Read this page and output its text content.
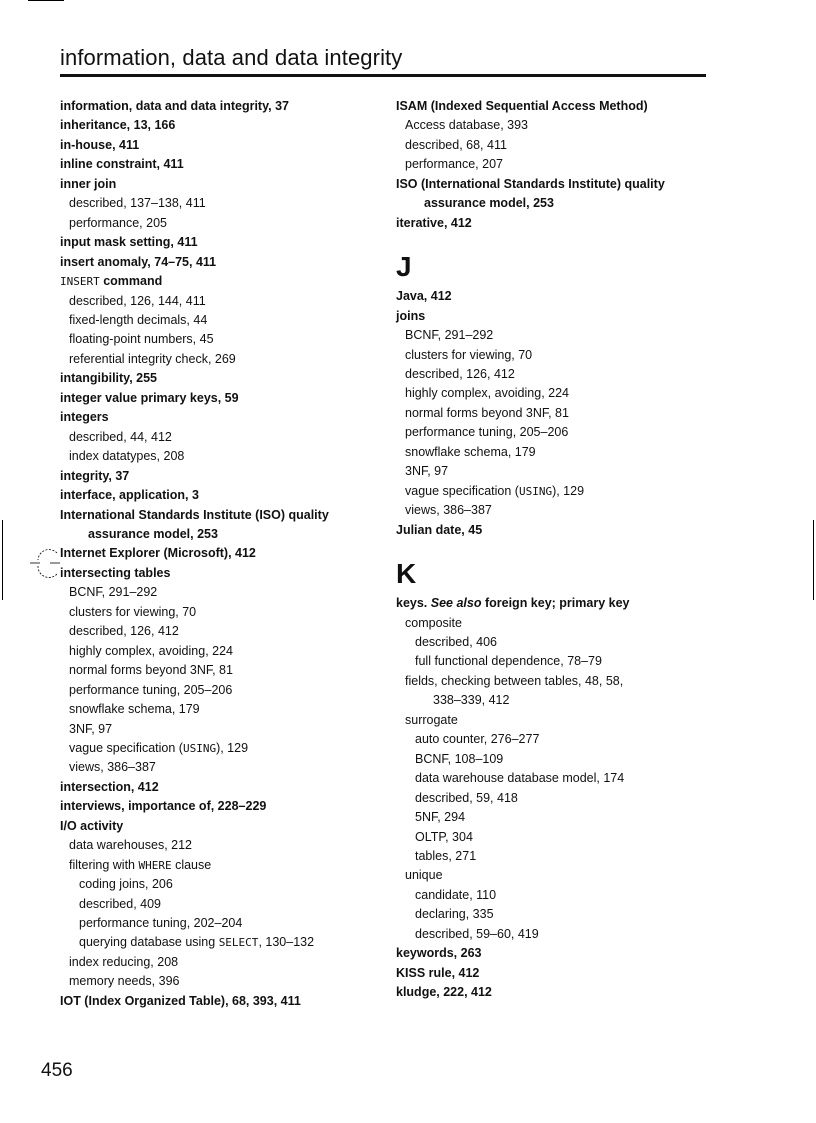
information, data and data integrity
information, data and data integrity, 37
inheritance, 13, 166
in-house, 411
inline constraint, 411
inner join
described, 137–138, 411
performance, 205
input mask setting, 411
insert anomaly, 74–75, 411
INSERT command
described, 126, 144, 411
fixed-length decimals, 44
floating-point numbers, 45
referential integrity check, 269
intangibility, 255
integer value primary keys, 59
integers
described, 44, 412
index datatypes, 208
integrity, 37
interface, application, 3
International Standards Institute (ISO) quality
assurance model, 253
Internet Explorer (Microsoft), 412
intersecting tables
BCNF, 291–292
clusters for viewing, 70
described, 126, 412
highly complex, avoiding, 224
normal forms beyond 3NF, 81
performance tuning, 205–206
snowflake schema, 179
3NF, 97
vague specification (USING), 129
views, 386–387
intersection, 412
interviews, importance of, 228–229
I/O activity
data warehouses, 212
filtering with WHERE clause
coding joins, 206
described, 409
performance tuning, 202–204
querying database using SELECT, 130–132
index reducing, 208
memory needs, 396
IOT (Index Organized Table), 68, 393, 411
ISAM (Indexed Sequential Access Method)
Access database, 393
described, 68, 411
performance, 207
ISO (International Standards Institute) quality
assurance model, 253
iterative, 412
J
Java, 412
joins
BCNF, 291–292
clusters for viewing, 70
described, 126, 412
highly complex, avoiding, 224
normal forms beyond 3NF, 81
performance tuning, 205–206
snowflake schema, 179
3NF, 97
vague specification (USING), 129
views, 386–387
Julian date, 45
K
keys. See also foreign key; primary key
composite
described, 406
full functional dependence, 78–79
fields, checking between tables, 48, 58,
338–339, 412
surrogate
auto counter, 276–277
BCNF, 108–109
data warehouse database model, 174
described, 59, 418
5NF, 294
OLTP, 304
tables, 271
unique
candidate, 110
declaring, 335
described, 59–60, 419
keywords, 263
KISS rule, 412
kludge, 222, 412
456
